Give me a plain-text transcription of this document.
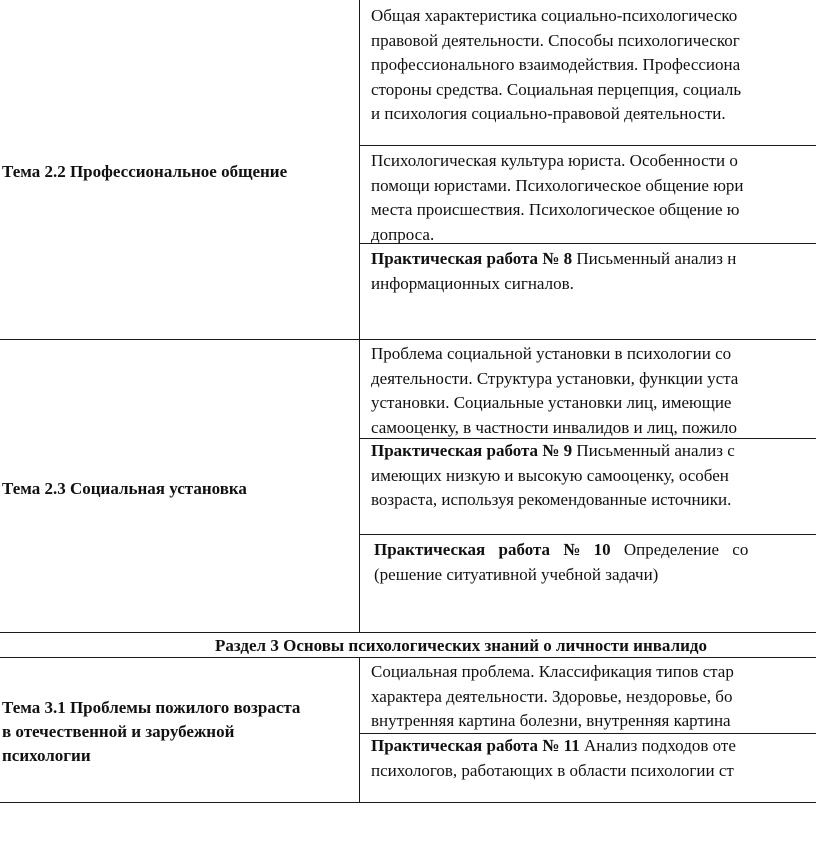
Тема 2.2 Профессиональное общение

Общая характеристика социально-психологическо

правовой деятельности. Способы психологическог

профессионального взаимодействия. Профессиона

стороны средства. Социальная перцепция, социаль

и психология социально-правовой деятельности.

Психологическая культура юриста. Особенности о

помощи юристами. Психологическое общение юри

места происшествия. Психологическое общение ю

допроса.

Практическая работа № 8 Письменный анализ н

информационных сигналов.

Тема 2.3 Социальная установка

Проблема социальной установки в психологии со

деятельности. Структура установки, функции уста

установки. Социальные установки лиц, имеющие

самооценку, в частности инвалидов и лиц, пожило

Практическая работа № 9 Письменный анализ с

имеющих низкую и высокую самооценку, особен

возраста, используя рекомендованные источники.

Практическая работа № 10 Определение со

(решение ситуативной учебной задачи)

Раздел 3 Основы психологических знаний о личности инвалидо
Тема 3.1 Проблемы пожилого возраста в отечественной и зарубежной психологии

Социальная проблема. Классификация типов стар

характера деятельности. Здоровье, нездоровье, бо

внутренняя картина болезни, внутренняя картина

Практическая работа № 11 Анализ подходов оте

психологов, работающих в области психологии ст
